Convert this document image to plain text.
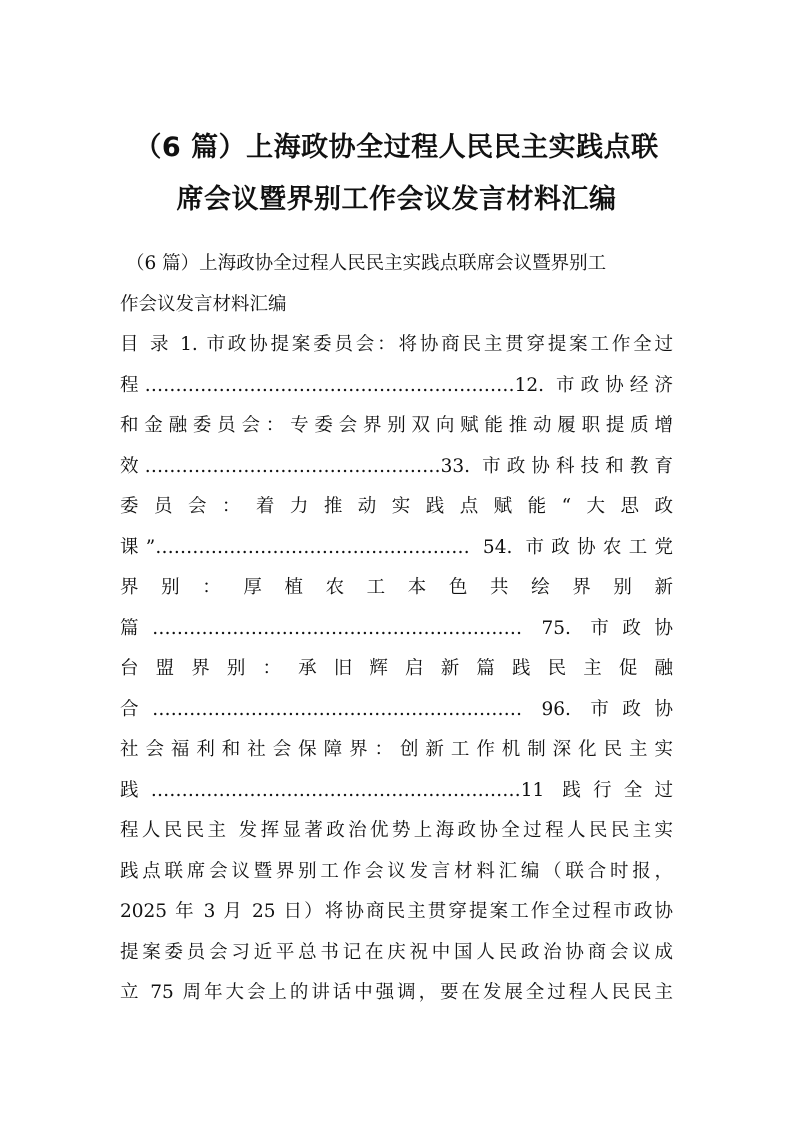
（6 篇）上海政协全过程人民民主实践点联
席会议暨界别工作会议发言材料汇编
（6 篇）上海政协全过程人民民主实践点联席会议暨界别工
作会议发言材料汇编
目 录 1. 市政协提案委员会：将协商民主贯穿提案工作全过
程……………………………………………………12. 市政协经济
和金融委员会：专委会界别双向赋能推动履职提质增
效…………………………………………33. 市政协科技和教育
委员会：着力推动实践点赋能“大思政
课”…………………………………………… 54. 市政协农工党
界别：厚植农工本色共绘界别新
篇…………………………………………………… 75. 市政协
台盟界别：承旧辉启新篇践民主促融
合…………………………………………………… 96. 市政协
社会福利和社会保障界：创新工作机制深化民主实
践……………………………………………………11 践行全过
程人民民主 发挥显著政治优势上海政协全过程人民民主实
践点联席会议暨界别工作会议发言材料汇编（联合时报，
2025 年 3 月 25 日）将协商民主贯穿提案工作全过程市政协
提案委员会习近平总书记在庆祝中国人民政治协商会议成
立 75 周年大会上的讲话中强调，要在发展全过程人民民主
